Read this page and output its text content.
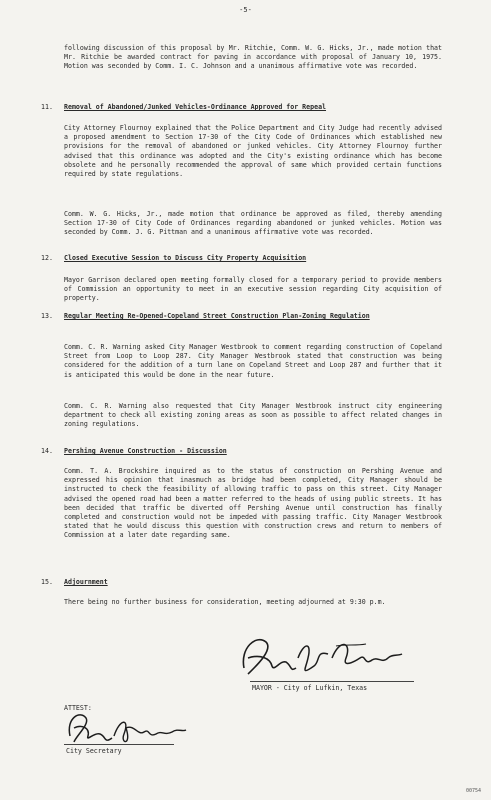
-5-
following discussion of this proposal by Mr. Ritchie, Comm. W. G. Hicks, Jr., made motion that Mr. Ritchie be awarded contract for paving in accordance with proposal of January 10, 1975. Motion was seconded by Comm. I. C. Johnson and a unanimous affirmative vote was recorded.
11.	Removal of Abandoned/Junked Vehicles-Ordinance Approved for Repeal
City Attorney Flournoy explained that the Police Department and City Judge had recently advised a proposed amendment to Section 17-30 of the City Code of Ordinances which established new provisions for the removal of abandoned or junked vehicles. City Attorney Flournoy further advised that this ordinance was adopted and the City's existing ordinance which has become obsolete and he personally recommended the approval of same which provided certain functions required by state regulations.
Comm. W. G. Hicks, Jr., made motion that ordinance be approved as filed, thereby amending Section 17-30 of City Code of Ordinances regarding abandoned or junked vehicles. Motion was seconded by Comm. J. G. Pittman and a unanimous affirmative vote was recorded.
12.	Closed Executive Session to Discuss City Property Acquisition
Mayor Garrison declared open meeting formally closed for a temporary period to provide members of Commission an opportunity to meet in an executive session regarding City acquisition of property.
13.	Regular Meeting Re-Opened-Copeland Street Construction Plan-Zoning Regulation
Comm. C. R. Warning asked City Manager Westbrook to comment regarding construction of Copeland Street from Loop to Loop 287. City Manager Westbrook stated that construction was being considered for the addition of a turn lane on Copeland Street and Loop 287 and further that it is anticipated this would be done in the near future.
Comm. C. R. Warning also requested that City Manager Westbrook instruct city engineering department to check all existing zoning areas as soon as possible to affect related changes in zoning regulations.
14.	Pershing Avenue Construction - Discussion
Comm. T. A. Brockshire inquired as to the status of construction on Pershing Avenue and expressed his opinion that inasmuch as bridge had been completed, City Manager should be instructed to check the feasibility of allowing traffic to pass on this street. City Manager advised the opened road had been a matter referred to the heads of using public streets. It has been decided that traffic be diverted off Pershing Avenue until construction has finally completed and construction would not be impeded with passing traffic. City Manager Westbrook stated that he would discuss this question with construction crews and return to members of Commission at a later date regarding same.
15.	Adjournment
There being no further business for consideration, meeting adjourned at 9:30 p.m.
MAYOR - City of Lufkin, Texas
ATTEST:
City Secretary
00754
